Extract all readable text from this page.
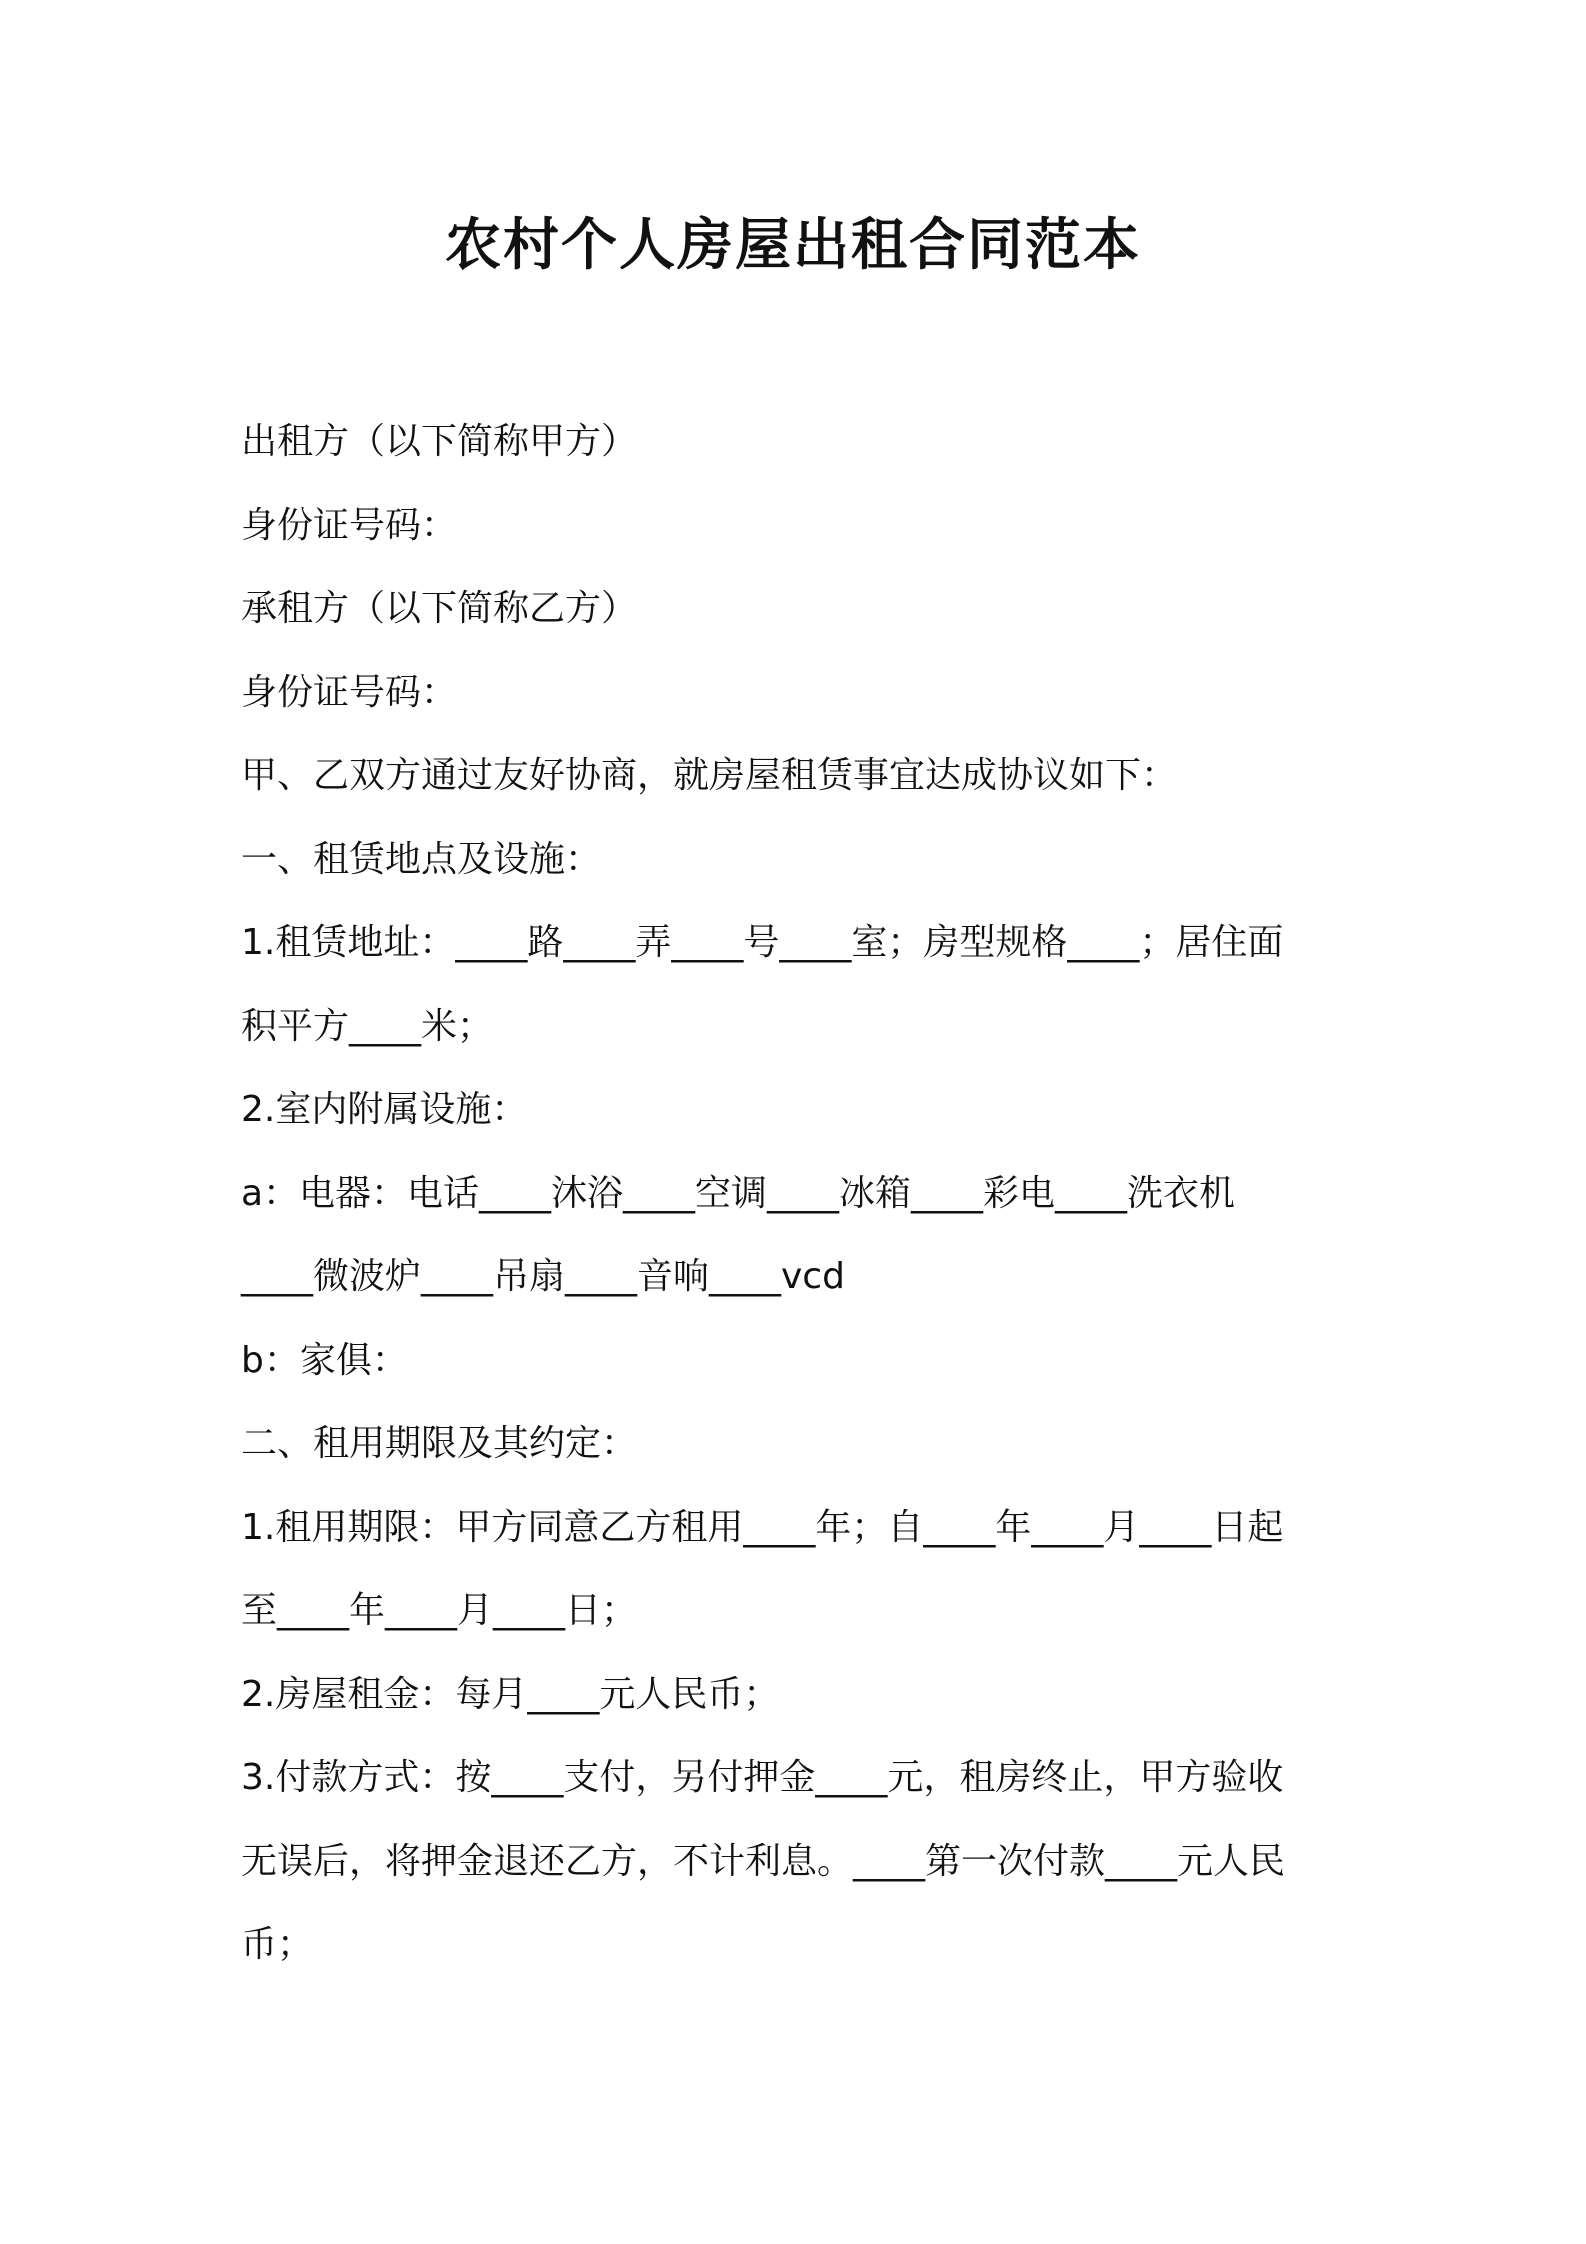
农村个人房屋出租合同范本

出租方（以下简称甲方）

身份证号码：

承租方（以下简称乙方）

身份证号码：

甲、乙双方通过友好协商，就房屋租赁事宜达成协议如下：

一、租赁地点及设施：

1.租赁地址：____路____弄____号____室；房型规格____；居住面

积平方____米；

2.室内附属设施：

a：电器：电话____沐浴____空调____冰箱____彩电____洗衣机

____微波炉____吊扇____音响____vcd

b：家俱：

二、租用期限及其约定：

1.租用期限：甲方同意乙方租用____年；自____年____月____日起

至____年____月____日；

2.房屋租金：每月____元人民币；

3.付款方式：按____支付，另付押金____元，租房终止，甲方验收

无误后，将押金退还乙方，不计利息。____第一次付款____元人民

币；
